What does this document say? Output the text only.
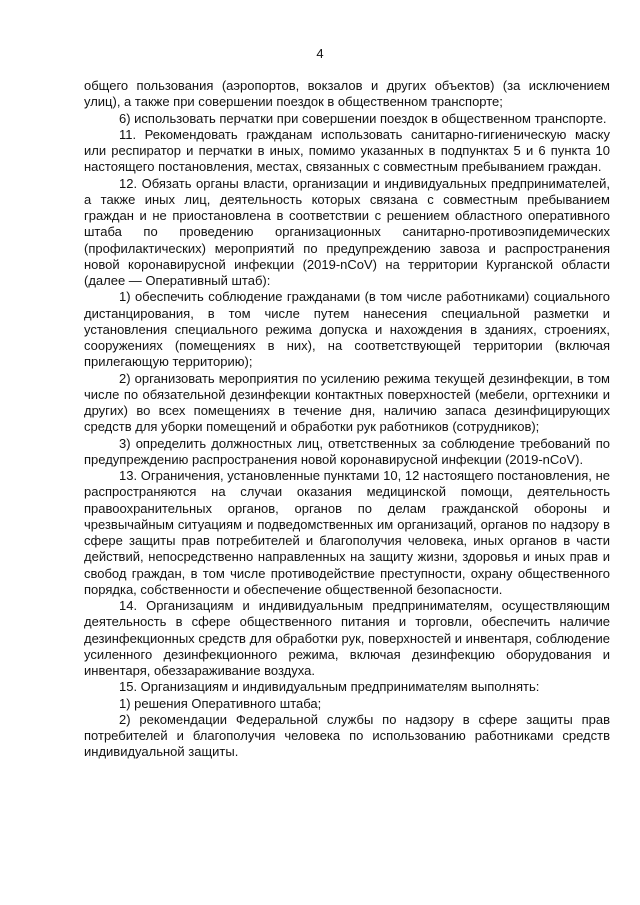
4

общего пользования (аэропортов, вокзалов и других объектов) (за исключением улиц), а также при совершении поездок в общественном транспорте;

6) использовать перчатки при совершении поездок в общественном транспорте.

11. Рекомендовать гражданам использовать санитарно-гигиеническую маску или респиратор и перчатки в иных, помимо указанных в подпунктах 5 и 6 пункта 10 настоящего постановления, местах, связанных с совместным пребыванием граждан.

12. Обязать органы власти, организации и индивидуальных предпринимателей, а также иных лиц, деятельность которых связана с совместным пребыванием граждан и не приостановлена в соответствии с решением областного оперативного штаба по проведению организационных санитарно-противоэпидемических (профилактических) мероприятий по предупреждению завоза и распространения новой коронавирусной инфекции (2019-nCoV) на территории Курганской области (далее — Оперативный штаб):

1) обеспечить соблюдение гражданами (в том числе работниками) социального дистанцирования, в том числе путем нанесения специальной разметки и установления специального режима допуска и нахождения в зданиях, строениях, сооружениях (помещениях в них), на соответствующей территории (включая прилегающую территорию);

2) организовать мероприятия по усилению режима текущей дезинфекции, в том числе по обязательной дезинфекции контактных поверхностей (мебели, оргтехники и других) во всех помещениях в течение дня, наличию запаса дезинфицирующих средств для уборки помещений и обработки рук работников (сотрудников);

3) определить должностных лиц, ответственных за соблюдение требований по предупреждению распространения новой коронавирусной инфекции (2019-nCoV).

13. Ограничения, установленные пунктами 10, 12 настоящего постановления, не распространяются на случаи оказания медицинской помощи, деятельность правоохранительных органов, органов по делам гражданской обороны и чрезвычайным ситуациям и подведомственных им организаций, органов по надзору в сфере защиты прав потребителей и благополучия человека, иных органов в части действий, непосредственно направленных на защиту жизни, здоровья и иных прав и свобод граждан, в том числе противодействие преступности, охрану общественного порядка, собственности и обеспечение общественной безопасности.

14. Организациям и индивидуальным предпринимателям, осуществляющим деятельность в сфере общественного питания и торговли, обеспечить наличие дезинфекционных средств для обработки рук, поверхностей и инвентаря, соблюдение усиленного дезинфекционного режима, включая дезинфекцию оборудования и инвентаря, обеззараживание воздуха.

15. Организациям и индивидуальным предпринимателям выполнять:

1) решения Оперативного штаба;

2) рекомендации Федеральной службы по надзору в сфере защиты прав потребителей и благополучия человека по использованию работниками средств индивидуальной защиты.
